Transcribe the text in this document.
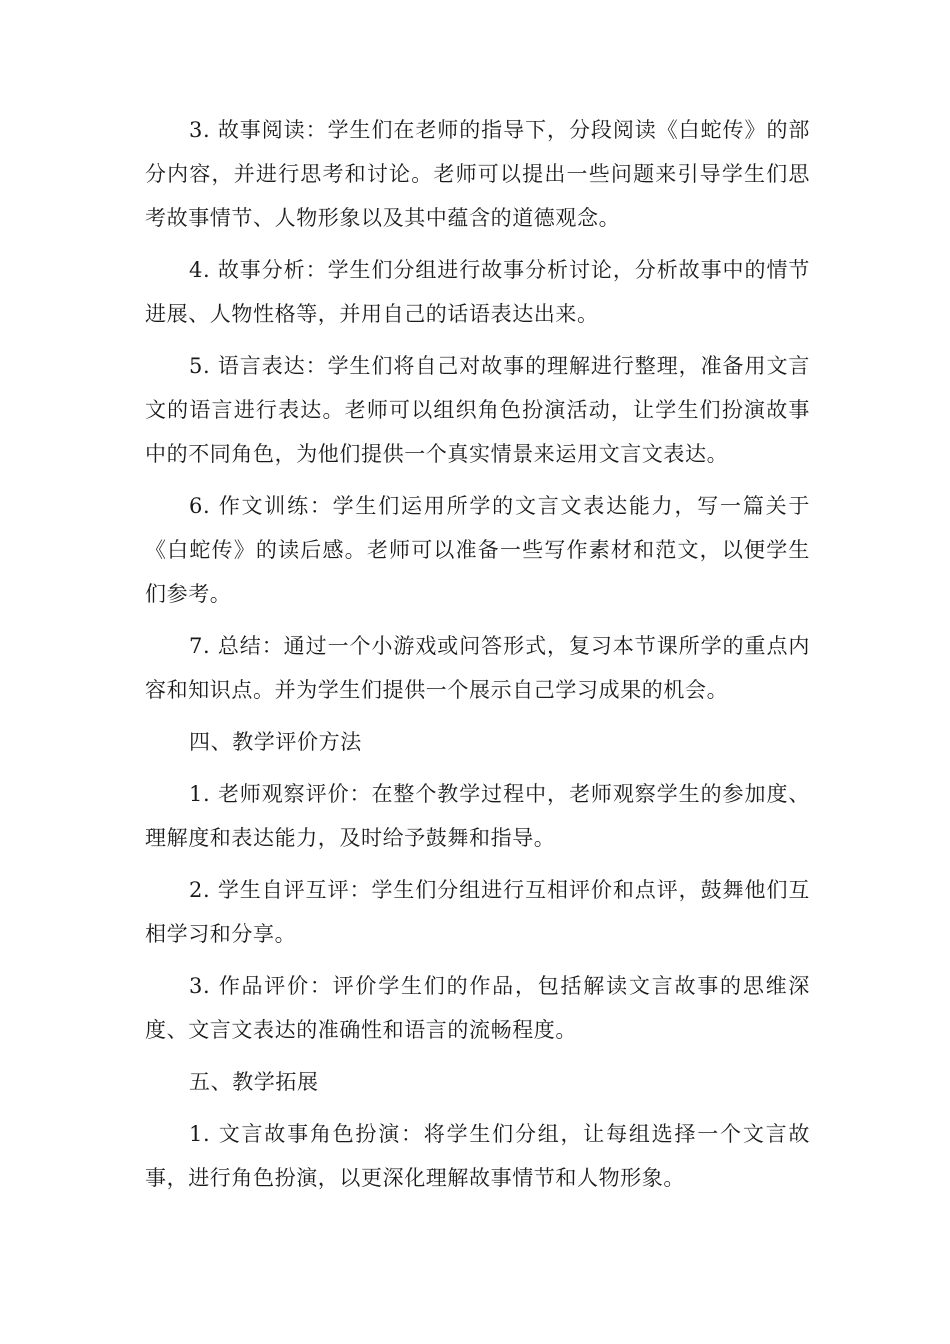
3. 故事阅读：学生们在老师的指导下，分段阅读《白蛇传》的部分内容，并进行思考和讨论。老师可以提出一些问题来引导学生们思考故事情节、人物形象以及其中蕴含的道德观念。

4. 故事分析：学生们分组进行故事分析讨论，分析故事中的情节进展、人物性格等，并用自己的话语表达出来。

5. 语言表达：学生们将自己对故事的理解进行整理，准备用文言文的语言进行表达。老师可以组织角色扮演活动，让学生们扮演故事中的不同角色，为他们提供一个真实情景来运用文言文表达。

6. 作文训练：学生们运用所学的文言文表达能力，写一篇关于《白蛇传》的读后感。老师可以准备一些写作素材和范文，以便学生们参考。

7. 总结：通过一个小游戏或问答形式，复习本节课所学的重点内容和知识点。并为学生们提供一个展示自己学习成果的机会。

四、教学评价方法

1. 老师观察评价：在整个教学过程中，老师观察学生的参加度、理解度和表达能力，及时给予鼓舞和指导。

2. 学生自评互评：学生们分组进行互相评价和点评，鼓舞他们互相学习和分享。

3. 作品评价：评价学生们的作品，包括解读文言故事的思维深度、文言文表达的准确性和语言的流畅程度。

五、教学拓展

1. 文言故事角色扮演：将学生们分组，让每组选择一个文言故事，进行角色扮演，以更深化理解故事情节和人物形象。
